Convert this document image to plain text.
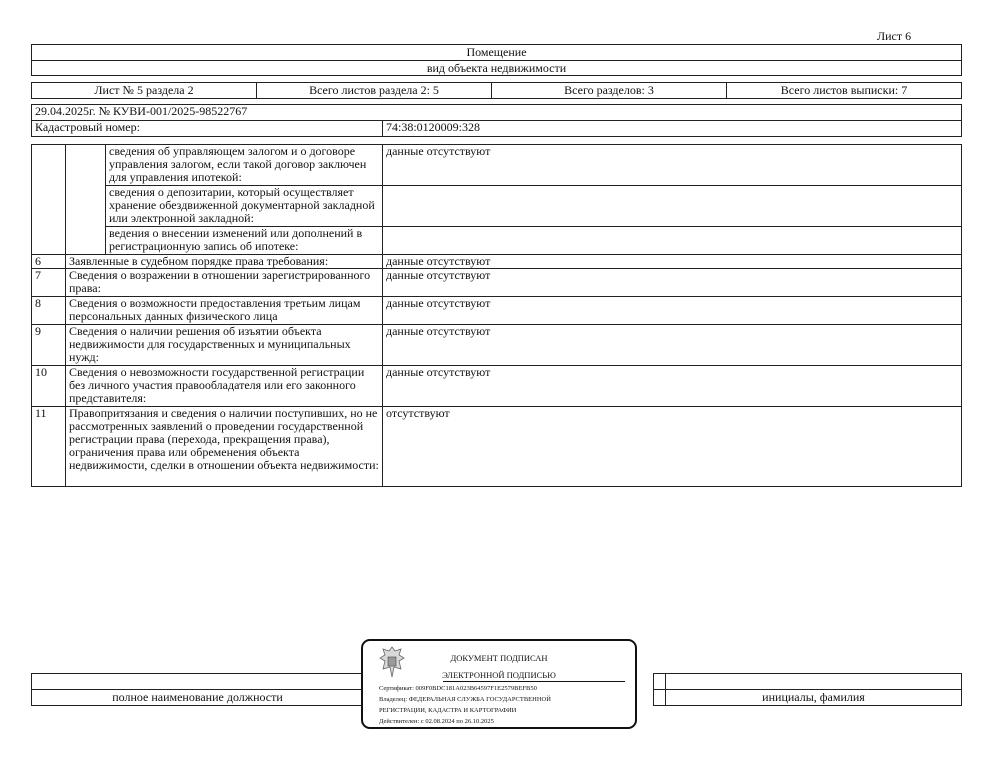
Лист 6
Помещение
вид объекта недвижимости
Лист № 5 раздела 2	Всего листов раздела 2: 5	Всего разделов: 3	Всего листов выписки: 7
29.04.2025г. № КУВИ-001/2025-98522767
Кадастровый номер:	74:38:0120009:328
		сведения об управляющем залогом и о договоре управления залогом, если такой договор заключен для управления ипотекой:	данные отсутствуют
		сведения о депозитарии, который осуществляет хранение обездвиженной документарной закладной или электронной закладной:	
		ведения о внесении изменений или дополнений в регистрационную запись об ипотеке:	
6	Заявленные в судебном порядке права требования:		данные отсутствуют
7	Сведения о возражении в отношении зарегистрированного права:		данные отсутствуют
8	Сведения о возможности предоставления третьим лицам персональных данных физического лица		данные отсутствуют
9	Сведения о наличии решения об изъятии объекта недвижимости для государственных и муниципальных нужд:		данные отсутствуют
10	Сведения о невозможности государственной регистрации без личного участия правообладателя или его законного представителя:		данные отсутствуют
11	Правопритязания и сведения о наличии поступивших, но не рассмотренных заявлений о проведении государственной регистрации права (перехода, прекращения права), ограничения права или обременения объекта недвижимости, сделки в отношении объекта недвижимости:		отсутствуют

полное наименование должности			инициалы, фамилия
ДОКУМЕНТ ПОДПИСАН
ЭЛЕКТРОННОЙ ПОДПИСЬЮ
Сертификат: 009F0BDC181A023B64597F1E2579BEFB50
Владелец: ФЕДЕРАЛЬНАЯ СЛУЖБА ГОСУДАРСТВЕННОЙ
РЕГИСТРАЦИИ, КАДАСТРА И КАРТОГРАФИИ
Действителен: с 02.08.2024 по 26.10.2025
